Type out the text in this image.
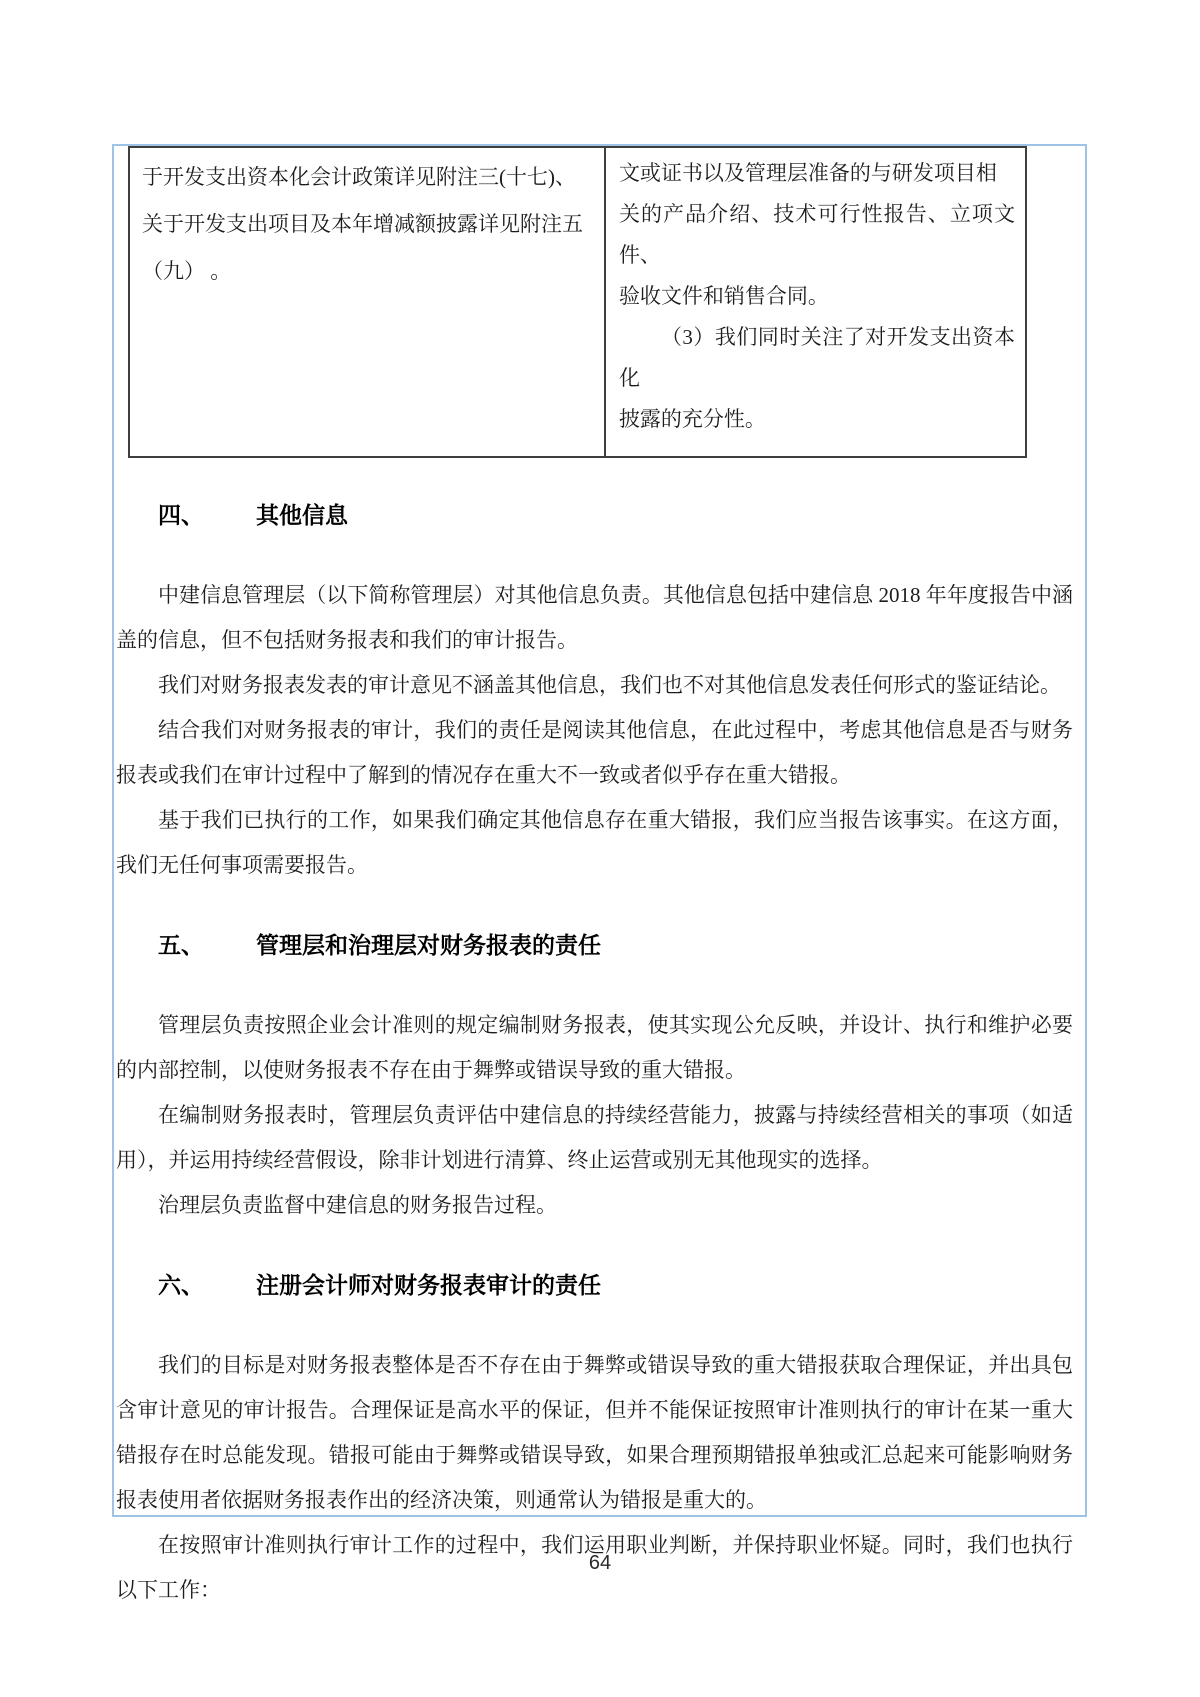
于开发支出资本化会计政策详见附注三(十七)、
关于开发支出项目及本年增减额披露详见附注五
（九） 。
文或证书以及管理层准备的与研发项目相
关的产品介绍、技术可行性报告、立项文件、
验收文件和销售合同。
（3）我们同时关注了对开发支出资本化
披露的充分性。
四、 其他信息

中建信息管理层（以下简称管理层）对其他信息负责。其他信息包括中建信息 2018 年年度报告中涵盖的信息，但不包括财务报表和我们的审计报告。

我们对财务报表发表的审计意见不涵盖其他信息，我们也不对其他信息发表任何形式的鉴证结论。

结合我们对财务报表的审计，我们的责任是阅读其他信息，在此过程中，考虑其他信息是否与财务报表或我们在审计过程中了解到的情况存在重大不一致或者似乎存在重大错报。

基于我们已执行的工作，如果我们确定其他信息存在重大错报，我们应当报告该事实。在这方面，我们无任何事项需要报告。

五、 管理层和治理层对财务报表的责任

管理层负责按照企业会计准则的规定编制财务报表，使其实现公允反映，并设计、执行和维护必要的内部控制，以使财务报表不存在由于舞弊或错误导致的重大错报。

在编制财务报表时，管理层负责评估中建信息的持续经营能力，披露与持续经营相关的事项（如适用），并运用持续经营假设，除非计划进行清算、终止运营或别无其他现实的选择。

治理层负责监督中建信息的财务报告过程。

六、 注册会计师对财务报表审计的责任

我们的目标是对财务报表整体是否不存在由于舞弊或错误导致的重大错报获取合理保证，并出具包含审计意见的审计报告。合理保证是高水平的保证，但并不能保证按照审计准则执行的审计在某一重大错报存在时总能发现。错报可能由于舞弊或错误导致，如果合理预期错报单独或汇总起来可能影响财务报表使用者依据财务报表作出的经济决策，则通常认为错报是重大的。

在按照审计准则执行审计工作的过程中，我们运用职业判断，并保持职业怀疑。同时，我们也执行以下工作：

64
